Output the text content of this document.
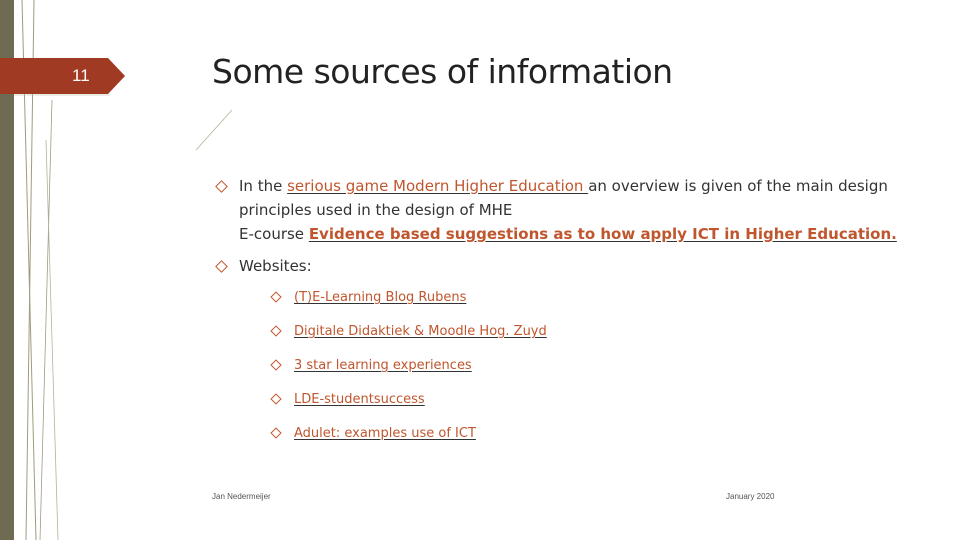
11	Some sources of information
In the serious game Modern Higher Education an overview is given of the main design principles used in the design of MHE
E-course Evidence based suggestions as to how apply ICT in Higher Education.
Websites:
(T)E-Learning Blog Rubens
Digitale Didaktiek & Moodle Hog. Zuyd
3 star learning experiences
LDE-studentsuccess
Adulet: examples use of ICT
Jan Nedermeijer	January 2020
